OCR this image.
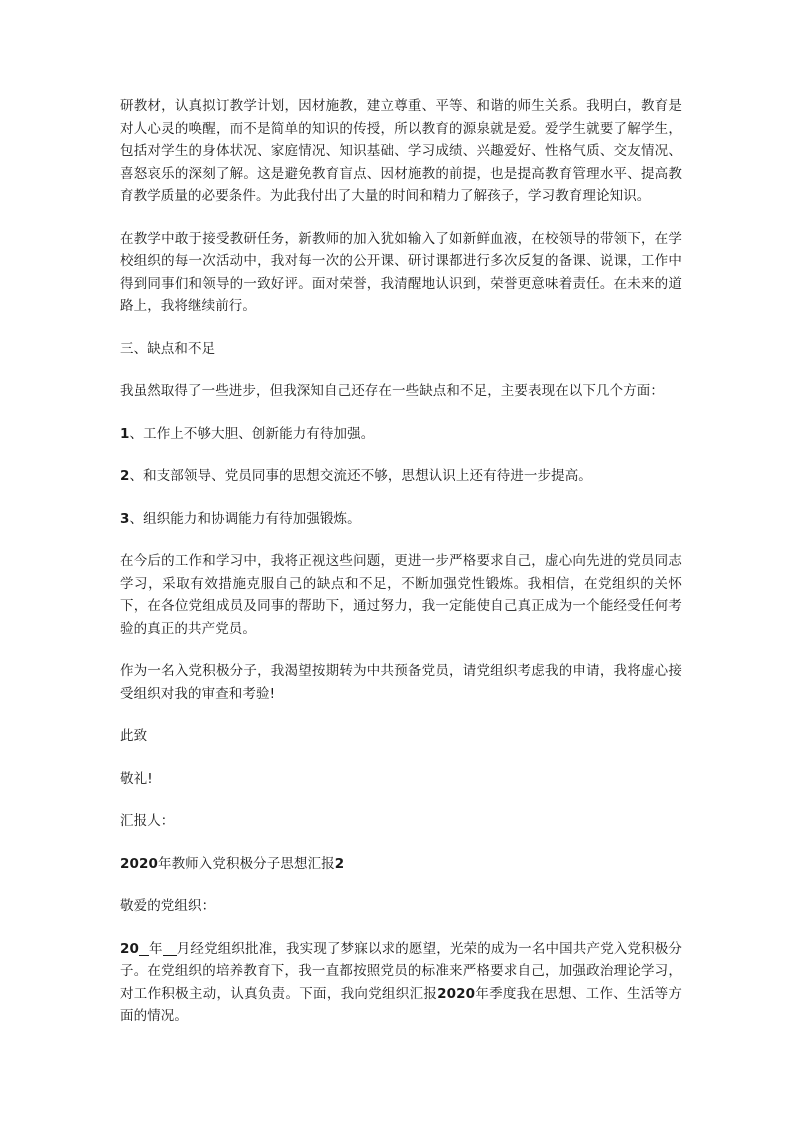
研教材，认真拟订教学计划，因材施教，建立尊重、平等、和谐的师生关系。我明白，教育是对人心灵的唤醒，而不是简单的知识的传授，所以教育的源泉就是爱。爱学生就要了解学生，包括对学生的身体状况、家庭情况、知识基础、学习成绩、兴趣爱好、性格气质、交友情况、喜怒哀乐的深刻了解。这是避免教育盲点、因材施教的前提，也是提高教育管理水平、提高教育教学质量的必要条件。为此我付出了大量的时间和精力了解孩子，学习教育理论知识。

在教学中敢于接受教研任务，新教师的加入犹如输入了如新鲜血液，在校领导的带领下，在学校组织的每一次活动中，我对每一次的公开课、研讨课都进行多次反复的备课、说课，工作中得到同事们和领导的一致好评。面对荣誉，我清醒地认识到，荣誉更意味着责任。在未来的道路上，我将继续前行。

三、缺点和不足

我虽然取得了一些进步，但我深知自己还存在一些缺点和不足，主要表现在以下几个方面：

1、工作上不够大胆、创新能力有待加强。

2、和支部领导、党员同事的思想交流还不够，思想认识上还有待进一步提高。

3、组织能力和协调能力有待加强锻炼。

在今后的工作和学习中，我将正视这些问题，更进一步严格要求自己，虚心向先进的党员同志学习，采取有效措施克服自己的缺点和不足，不断加强党性锻炼。我相信，在党组织的关怀下，在各位党组成员及同事的帮助下，通过努力，我一定能使自己真正成为一个能经受任何考验的真正的共产党员。

作为一名入党积极分子，我渴望按期转为中共预备党员，请党组织考虑我的申请，我将虚心接受组织对我的审查和考验!

此致

敬礼!

汇报人：

2020年教师入党积极分子思想汇报2

敬爱的党组织：

20 年 月经党组织批准，我实现了梦寐以求的愿望，光荣的成为一名中国共产党入党积极分子。在党组织的培养教育下，我一直都按照党员的标准来严格要求自己，加强政治理论学习，对工作积极主动，认真负责。下面，我向党组织汇报2020年季度我在思想、工作、生活等方面的情况。
